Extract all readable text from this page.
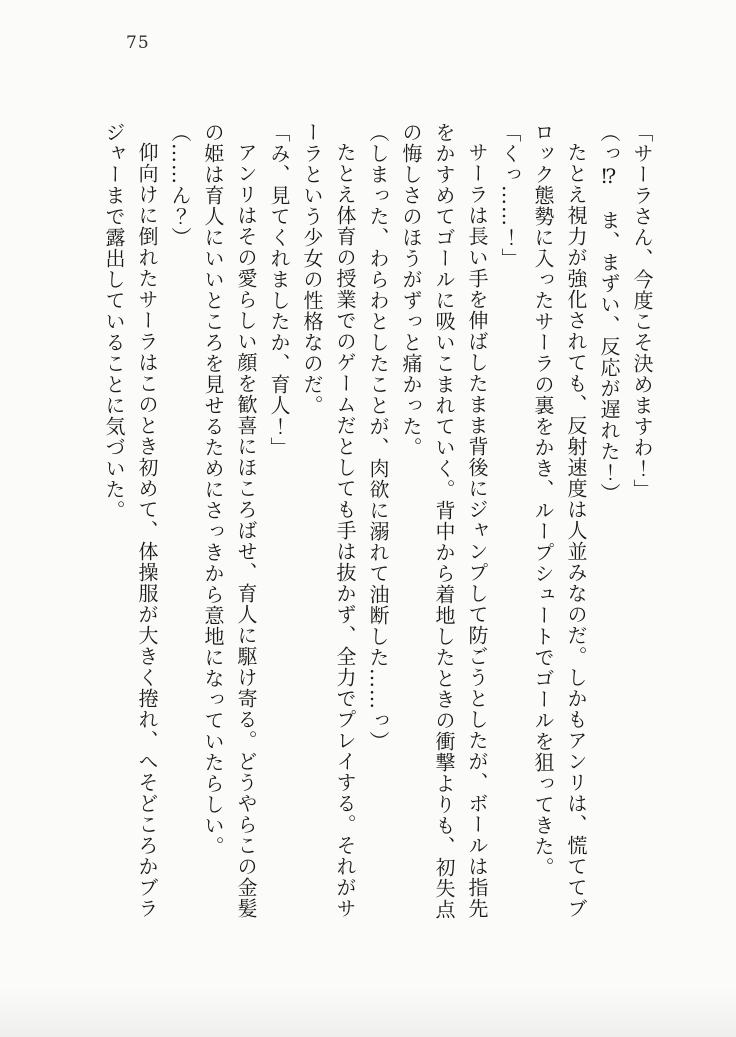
75
「サーラさん、今度こそ決めますわ！」
（っ⁉　ま、まずい、反応が遅れた！）
たとえ視力が強化されても、反射速度は人並みなのだ。しかもアンリは、慌ててブ
ロック態勢に入ったサーラの裏をかき、ループシュートでゴールを狙ってきた。
「くっ……！」
サーラは長い手を伸ばしたまま背後にジャンプして防ごうとしたが、ボールは指先
をかすめてゴールに吸いこまれていく。背中から着地したときの衝撃よりも、初失点
の悔しさのほうがずっと痛かった。
（しまった、わらわとしたことが、肉欲に溺れて油断した……っ）
たとえ体育の授業でのゲームだとしても手は抜かず、全力でプレイする。それがサ
ーラという少女の性格なのだ。
「み、見てくれましたか、育人！」
アンリはその愛らしい顔を歓喜にほころばせ、育人に駆け寄る。どうやらこの金髪
の姫は育人にいいところを見せるためにさっきから意地になっていたらしい。
（……ん？）
仰向けに倒れたサーラはこのとき初めて、体操服が大きく捲れ、へそどころかブラ
ジャーまで露出していることに気づいた。
